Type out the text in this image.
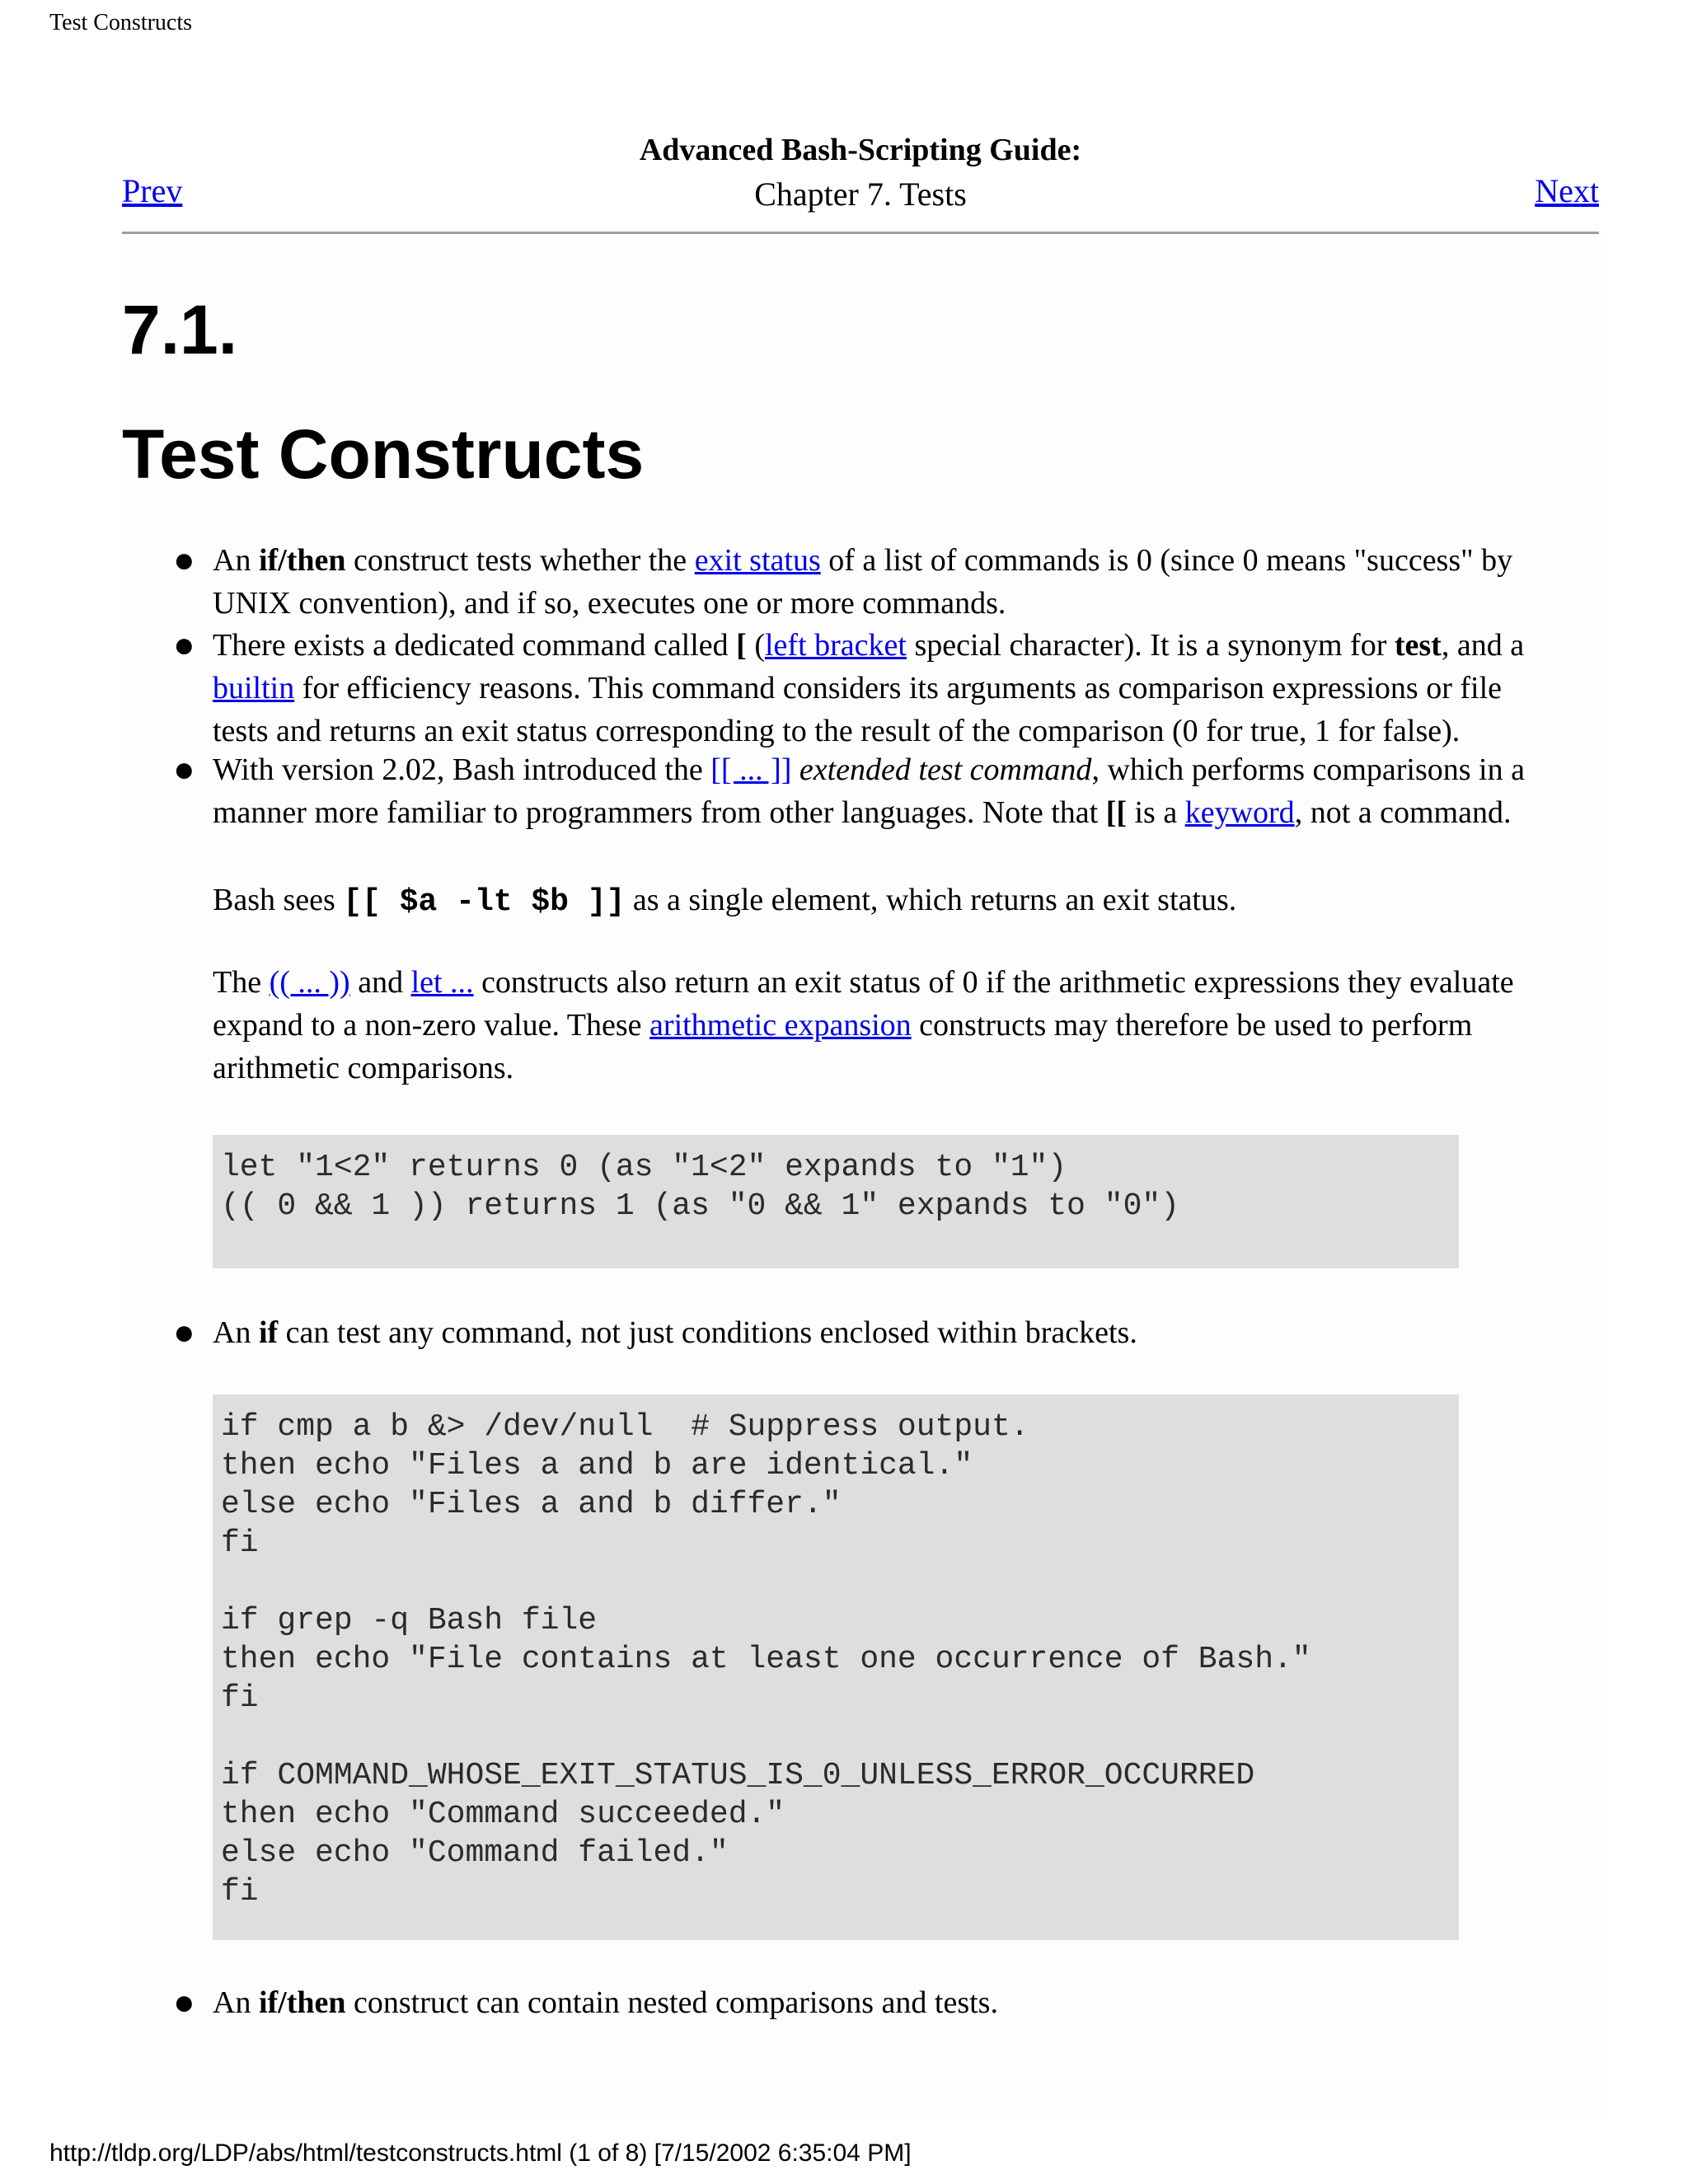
Test Constructs
Advanced Bash-Scripting Guide:
Chapter 7. Tests
Prev	Next
7.1.
Test Constructs
● An if/then construct tests whether the exit status of a list of commands is 0 (since 0 means "success" by UNIX convention), and if so, executes one or more commands.
● There exists a dedicated command called [ (left bracket special character). It is a synonym for test, and a builtin for efficiency reasons. This command considers its arguments as comparison expressions or file tests and returns an exit status corresponding to the result of the comparison (0 for true, 1 for false).
● With version 2.02, Bash introduced the [[ ... ]] extended test command, which performs comparisons in a manner more familiar to programmers from other languages. Note that [[ is a keyword, not a command.
Bash sees [[ $a -lt $b ]] as a single element, which returns an exit status.
The (( ... )) and let ... constructs also return an exit status of 0 if the arithmetic expressions they evaluate expand to a non-zero value. These arithmetic expansion constructs may therefore be used to perform arithmetic comparisons.
let "1<2" returns 0 (as "1<2" expands to "1")
(( 0 && 1 )) returns 1 (as "0 && 1" expands to "0")
● An if can test any command, not just conditions enclosed within brackets.
if cmp a b &> /dev/null  # Suppress output.
then echo "Files a and b are identical."
else echo "Files a and b differ."
fi

if grep -q Bash file
then echo "File contains at least one occurrence of Bash."
fi

if COMMAND_WHOSE_EXIT_STATUS_IS_0_UNLESS_ERROR_OCCURRED
then echo "Command succeeded."
else echo "Command failed."
fi
● An if/then construct can contain nested comparisons and tests.
http://tldp.org/LDP/abs/html/testconstructs.html (1 of 8) [7/15/2002 6:35:04 PM]
